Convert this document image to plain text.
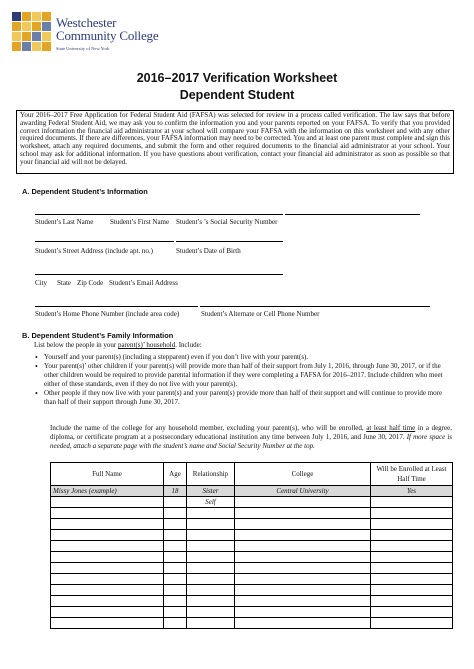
Westchester
Community College
State University of New York
2016–2017 Verification Worksheet
Dependent Student
Your 2016–2017 Free Application for Federal Student Aid (FAFSA) was selected for review in a process called verification. The law says that before awarding Federal Student Aid, we may ask you to confirm the information you and your parents reported on your FAFSA. To verify that you provided correct information the financial aid administrator at your school will compare your FAFSA with the information on this worksheet and with any other required documents. If there are differences, your FAFSA information may need to be corrected. You and at least one parent must complete and sign this worksheet, attach any required documents, and submit the form and other required documents to the financial aid administrator at your school. Your school may ask for additional information. If you have questions about verification, contact your financial aid administrator as soon as possible so that your financial aid will not be delayed.
A. Dependent Student’s Information
Student’s Last Name Student’s First Name Student’s ’s Social Security Number
Student’s Street Address (include apt. no.)	Student’s Date of Birth
City State Zip Code Student’s Email Address
Student’s Home Phone Number (include area code)	Student’s Alternate or Cell Phone Number
B. Dependent Student’s Family Information
List below the people in your parent(s)’ household. Include:
• Yourself and your parent(s) (including a stepparent) even if you don’t live with your parent(s).
• Your parent(s)’ other children if your parent(s) will provide more than half of their support from July 1, 2016, through June 30, 2017, or if the other children would be required to provide parental information if they were completing a FAFSA for 2016–2017. Include children who meet either of these standards, even if they do not live with your parent(s).
• Other people if they now live with your parent(s) and your parent(s) provide more than half of their support and will continue to provide more than half of their support through June 30, 2017.
Include the name of the college for any household member, excluding your parent(s), who will be enrolled, at least half time in a degree, diploma, or certificate program at a postsecondary educational institution any time between July 1, 2016, and June 30, 2017. If more space is needed, attach a separate page with the student’s name and Social Security Number at the top.
Full Name	Age	Relationship	College	Will be Enrolled at Least Half Time
Missy Jones (example)	18	Sister	Central University	Yes
		Self		
